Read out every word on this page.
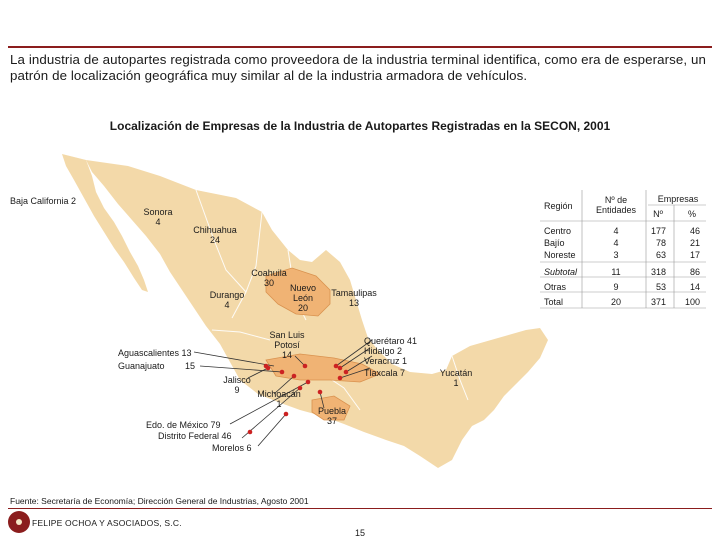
La industria de autopartes registrada como proveedora de la industria terminal identifica, como era de esperarse, un patrón de localización geográfica muy similar al de la industria armadora de vehículos.
Localización de Empresas de la Industria de Autopartes Registradas en la SECON, 2001
Baja California 2
Sonora
4
Chihuahua
24
Coahuila
30	Nuevo
León
20
Tamaulipas
13
Durango
4
San Luis
Potosí
14
Aguascalientes 13
Guanajuato 15
Jalisco
9	Michoacán
1
Puebla
37
Querétaro 41
Hidalgo 2
Veracruz 1
Tlaxcala 7	Yucatán
1
Edo. de México 79
Distrito Federal 46
Morelos 6
Región
Nº de
Entidades
Empresas
Nº	%
Centro	4	177	46
Bajío	4	78	21
Noreste	3	63	17
Subtotal	11	318	86
Otras	9	53	14
Total	20	371	100
Fuente: Secretaría de Economía; Dirección General de Industrias, Agosto 2001
FELIPE OCHOA Y ASOCIADOS, S.C.
15
